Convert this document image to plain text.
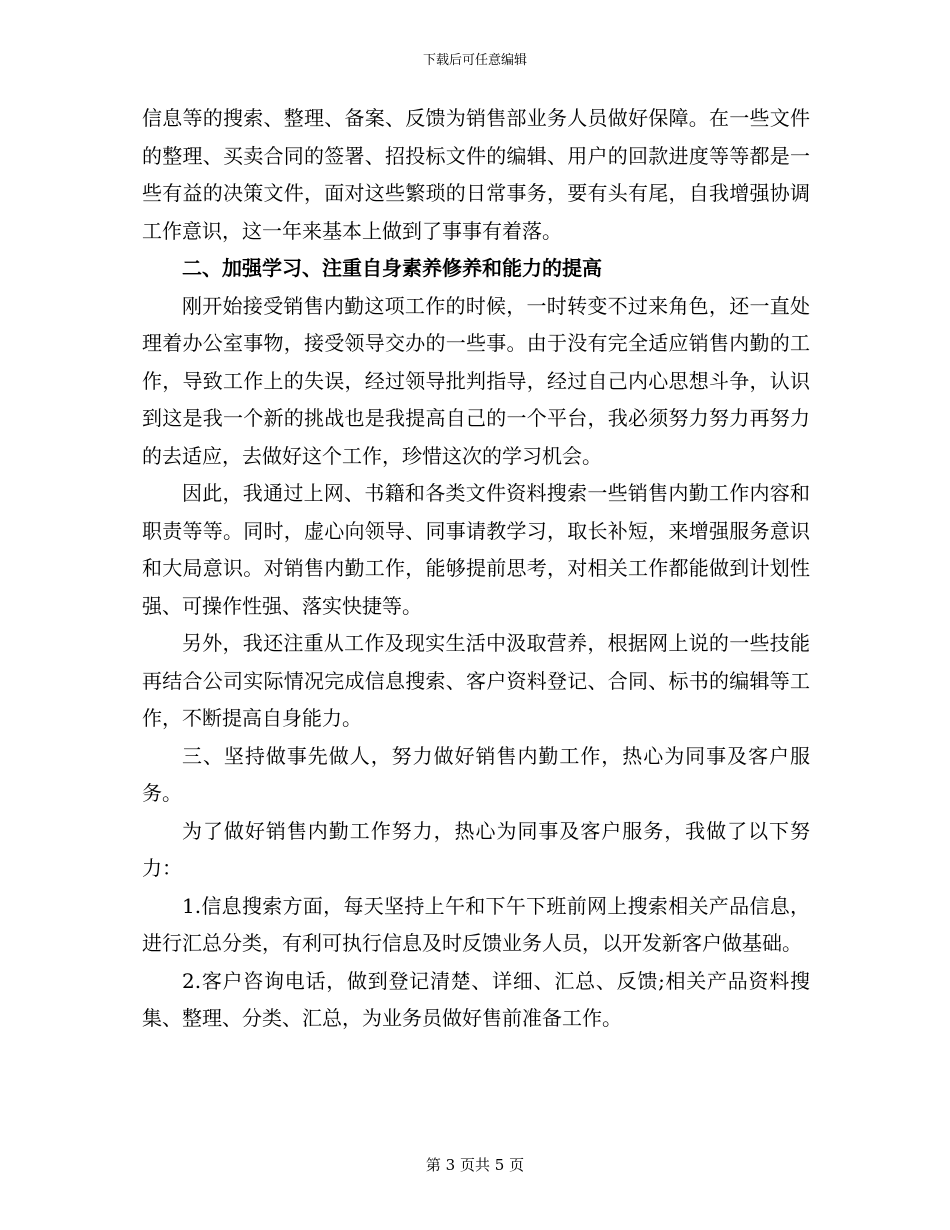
下载后可任意编辑

信息等的搜索、整理、备案、反馈为销售部业务人员做好保障。在一些文件的整理、买卖合同的签署、招投标文件的编辑、用户的回款进度等等都是一些有益的决策文件，面对这些繁琐的日常事务，要有头有尾，自我增强协调工作意识，这一年来基本上做到了事事有着落。

二、加强学习、注重自身素养修养和能力的提高

刚开始接受销售内勤这项工作的时候，一时转变不过来角色，还一直处理着办公室事物，接受领导交办的一些事。由于没有完全适应销售内勤的工作，导致工作上的失误，经过领导批判指导，经过自己内心思想斗争，认识到这是我一个新的挑战也是我提高自己的一个平台，我必须努力努力再努力的去适应，去做好这个工作，珍惜这次的学习机会。

因此，我通过上网、书籍和各类文件资料搜索一些销售内勤工作内容和职责等等。同时，虚心向领导、同事请教学习，取长补短，来增强服务意识和大局意识。对销售内勤工作，能够提前思考，对相关工作都能做到计划性强、可操作性强、落实快捷等。

另外，我还注重从工作及现实生活中汲取营养，根据网上说的一些技能再结合公司实际情况完成信息搜索、客户资料登记、合同、标书的编辑等工作，不断提高自身能力。

三、坚持做事先做人，努力做好销售内勤工作，热心为同事及客户服务。

为了做好销售内勤工作努力，热心为同事及客户服务，我做了以下努力：

1.信息搜索方面，每天坚持上午和下午下班前网上搜索相关产品信息，进行汇总分类，有利可执行信息及时反馈业务人员，以开发新客户做基础。

2.客户咨询电话，做到登记清楚、详细、汇总、反馈;相关产品资料搜集、整理、分类、汇总，为业务员做好售前准备工作。

第 3 页共 5 页
